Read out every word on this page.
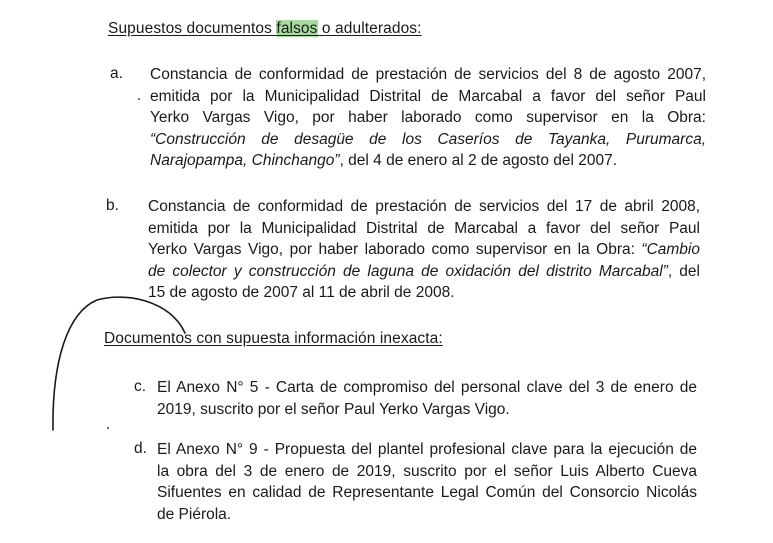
Supuestos documentos falsos o adulterados:
a. Constancia de conformidad de prestación de servicios del 8 de agosto 2007,
emitida por la Municipalidad Distrital de Marcabal a favor del señor Paul
Yerko Vargas Vigo, por haber laborado como supervisor en la Obra:
“Construcción de desagüe de los Caseríos de Tayanka, Purumarca,
Narajopampa, Chinchango”, del 4 de enero al 2 de agosto del 2007.
b. Constancia de conformidad de prestación de servicios del 17 de abril 2008,
emitida por la Municipalidad Distrital de Marcabal a favor del señor Paul
Yerko Vargas Vigo, por haber laborado como supervisor en la Obra: “Cambio
de colector y construcción de laguna de oxidación del distrito Marcabal”, del
15 de agosto de 2007 al 11 de abril de 2008.
Documentos con supuesta información inexacta:
c. El Anexo N° 5 - Carta de compromiso del personal clave del 3 de enero de
2019, suscrito por el señor Paul Yerko Vargas Vigo.
d. El Anexo N° 9 - Propuesta del plantel profesional clave para la ejecución de
la obra del 3 de enero de 2019, suscrito por el señor Luis Alberto Cueva
Sifuentes en calidad de Representante Legal Común del Consorcio Nicolás
de Piérola.
